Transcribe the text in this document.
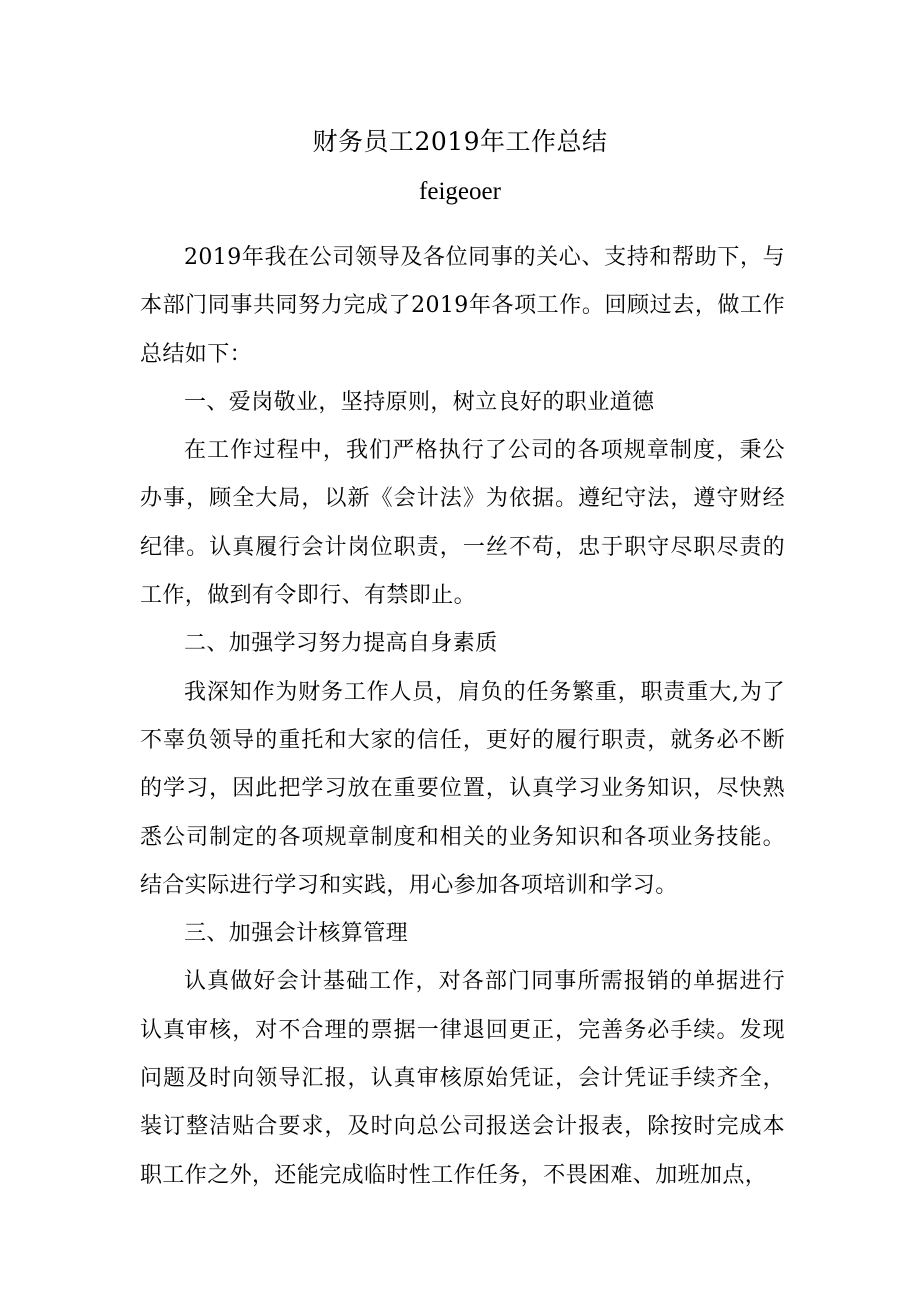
财务员工2019年工作总结
feigeoer

2019年我在公司领导及各位同事的关心、支持和帮助下，与本部门同事共同努力完成了2019年各项工作。回顾过去，做工作总结如下：

一、爱岗敬业，坚持原则，树立良好的职业道德

在工作过程中，我们严格执行了公司的各项规章制度，秉公办事，顾全大局，以新《会计法》为依据。遵纪守法，遵守财经纪律。认真履行会计岗位职责，一丝不苟，忠于职守尽职尽责的工作，做到有令即行、有禁即止。

二、加强学习努力提高自身素质

我深知作为财务工作人员，肩负的任务繁重，职责重大,为了不辜负领导的重托和大家的信任，更好的履行职责，就务必不断的学习，因此把学习放在重要位置，认真学习业务知识，尽快熟悉公司制定的各项规章制度和相关的业务知识和各项业务技能。结合实际进行学习和实践，用心参加各项培训和学习。

三、加强会计核算管理

认真做好会计基础工作，对各部门同事所需报销的单据进行认真审核，对不合理的票据一律退回更正，完善务必手续。发现问题及时向领导汇报，认真审核原始凭证，会计凭证手续齐全，装订整洁贴合要求，及时向总公司报送会计报表，除按时完成本职工作之外，还能完成临时性工作任务，不畏困难、加班加点，
